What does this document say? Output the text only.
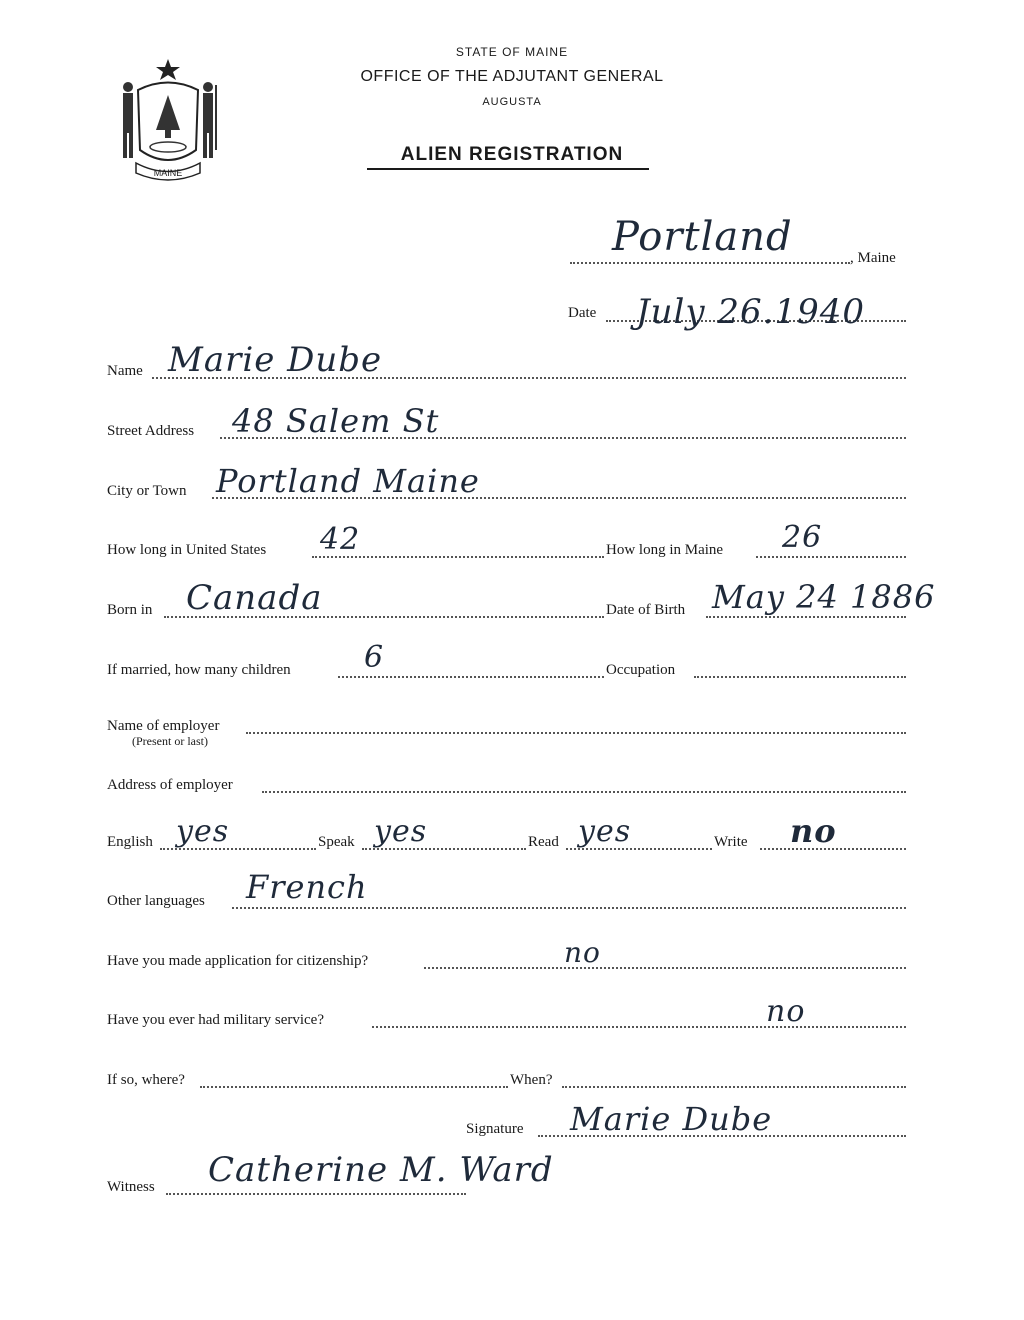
MAINE
STATE OF MAINE
OFFICE OF THE ADJUTANT GENERAL
AUGUSTA
ALIEN REGISTRATION
Portland	, Maine
Date July 26.1940
Name Marie Dube
Street Address 48 Salem St
City or Town Portland Maine
How long in United States 42	How long in Maine 26
Born in Canada	Date of Birth May 24 1886
If married, how many children 6	Occupation
Name of employer
(Present or last)
Address of employer
English yes	Speak yes	Read yes	Write no
Other languages French
Have you made application for citizenship?	no
Have you ever had military service?	no
If so, where?	When?
Signature Marie Dube
Witness Catherine M. Ward
